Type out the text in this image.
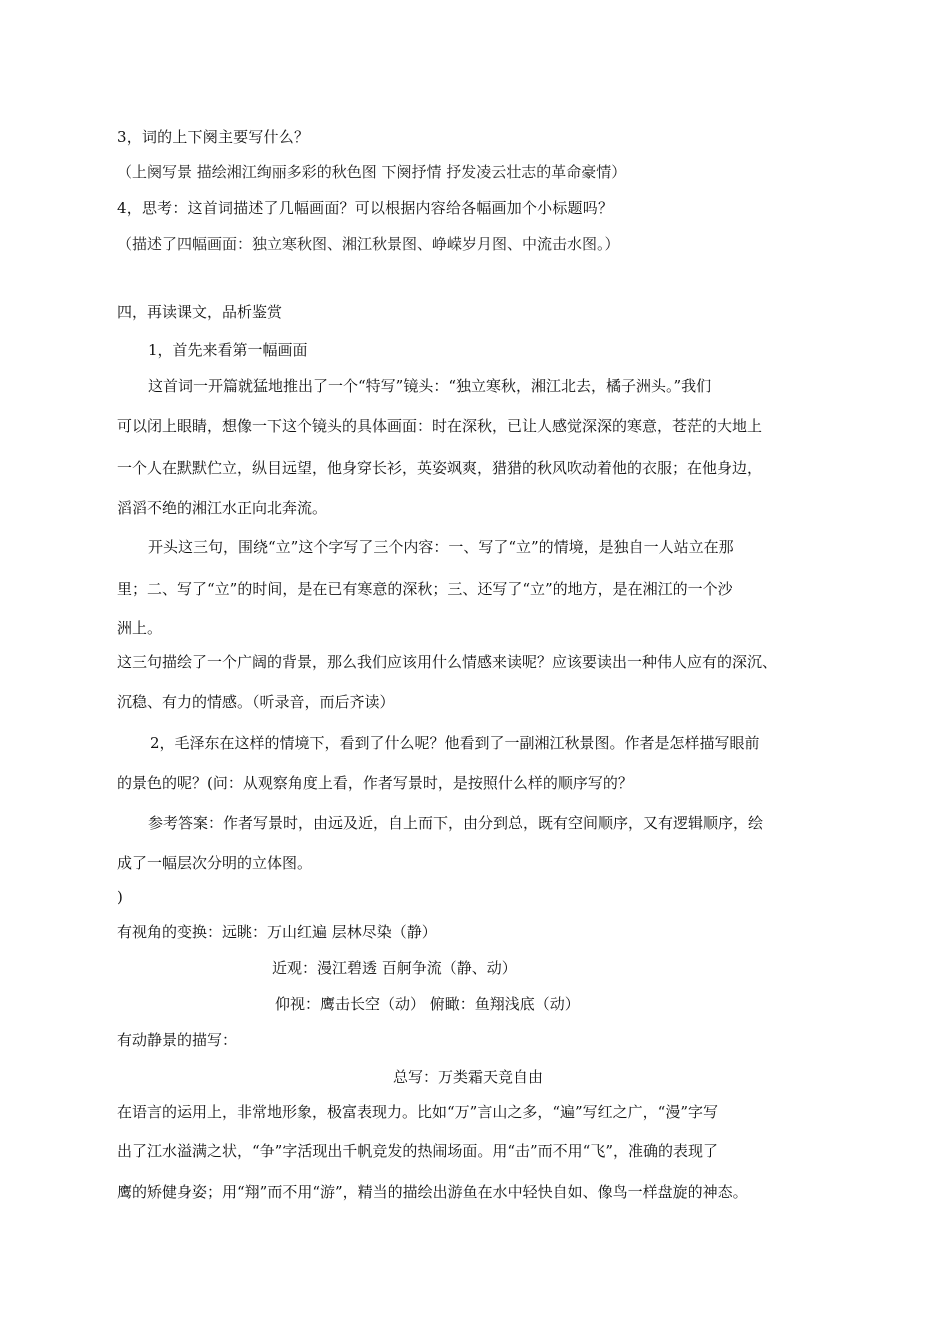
3，词的上下阕主要写什么？
（上阕写景 描绘湘江绚丽多彩的秋色图 下阕抒情 抒发凌云壮志的革命豪情）
4，思考：这首词描述了几幅画面？可以根据内容给各幅画加个小标题吗？
（描述了四幅画面：独立寒秋图、湘江秋景图、峥嵘岁月图、中流击水图。）
四，再读课文，品析鉴赏
1，首先来看第一幅画面
这首词一开篇就猛地推出了一个“特写”镜头：“独立寒秋，湘江北去，橘子洲头。”我们
可以闭上眼睛，想像一下这个镜头的具体画面：时在深秋，已让人感觉深深的寒意，苍茫的大地上
一个人在默默伫立，纵目远望，他身穿长衫，英姿飒爽，猎猎的秋风吹动着他的衣服；在他身边，
滔滔不绝的湘江水正向北奔流。
开头这三句，围绕“立”这个字写了三个内容：一、写了“立”的情境，是独自一人站立在那
里；二、写了“立”的时间，是在已有寒意的深秋；三、还写了“立”的地方，是在湘江的一个沙
洲上。
这三句描绘了一个广阔的背景，那么我们应该用什么情感来读呢？应该要读出一种伟人应有的深沉、
沉稳、有力的情感。（听录音，而后齐读）
2，毛泽东在这样的情境下，看到了什么呢？他看到了一副湘江秋景图。作者是怎样描写眼前
的景色的呢？(问：从观察角度上看，作者写景时，是按照什么样的顺序写的？
参考答案：作者写景时，由远及近，自上而下，由分到总，既有空间顺序，又有逻辑顺序，绘
成了一幅层次分明的立体图。
)
有视角的变换：远眺：万山红遍 层林尽染（静）
近观：漫江碧透 百舸争流（静、动）
仰视：鹰击长空（动） 俯瞰：鱼翔浅底（动）
有动静景的描写：
总写：万类霜天竞自由
在语言的运用上，非常地形象，极富表现力。比如“万”言山之多，“遍”写红之广，“漫”字写
出了江水溢满之状，“争”字活现出千帆竞发的热闹场面。用“击”而不用“飞”，准确的表现了
鹰的矫健身姿；用“翔”而不用“游”，精当的描绘出游鱼在水中轻快自如、像鸟一样盘旋的神态。
